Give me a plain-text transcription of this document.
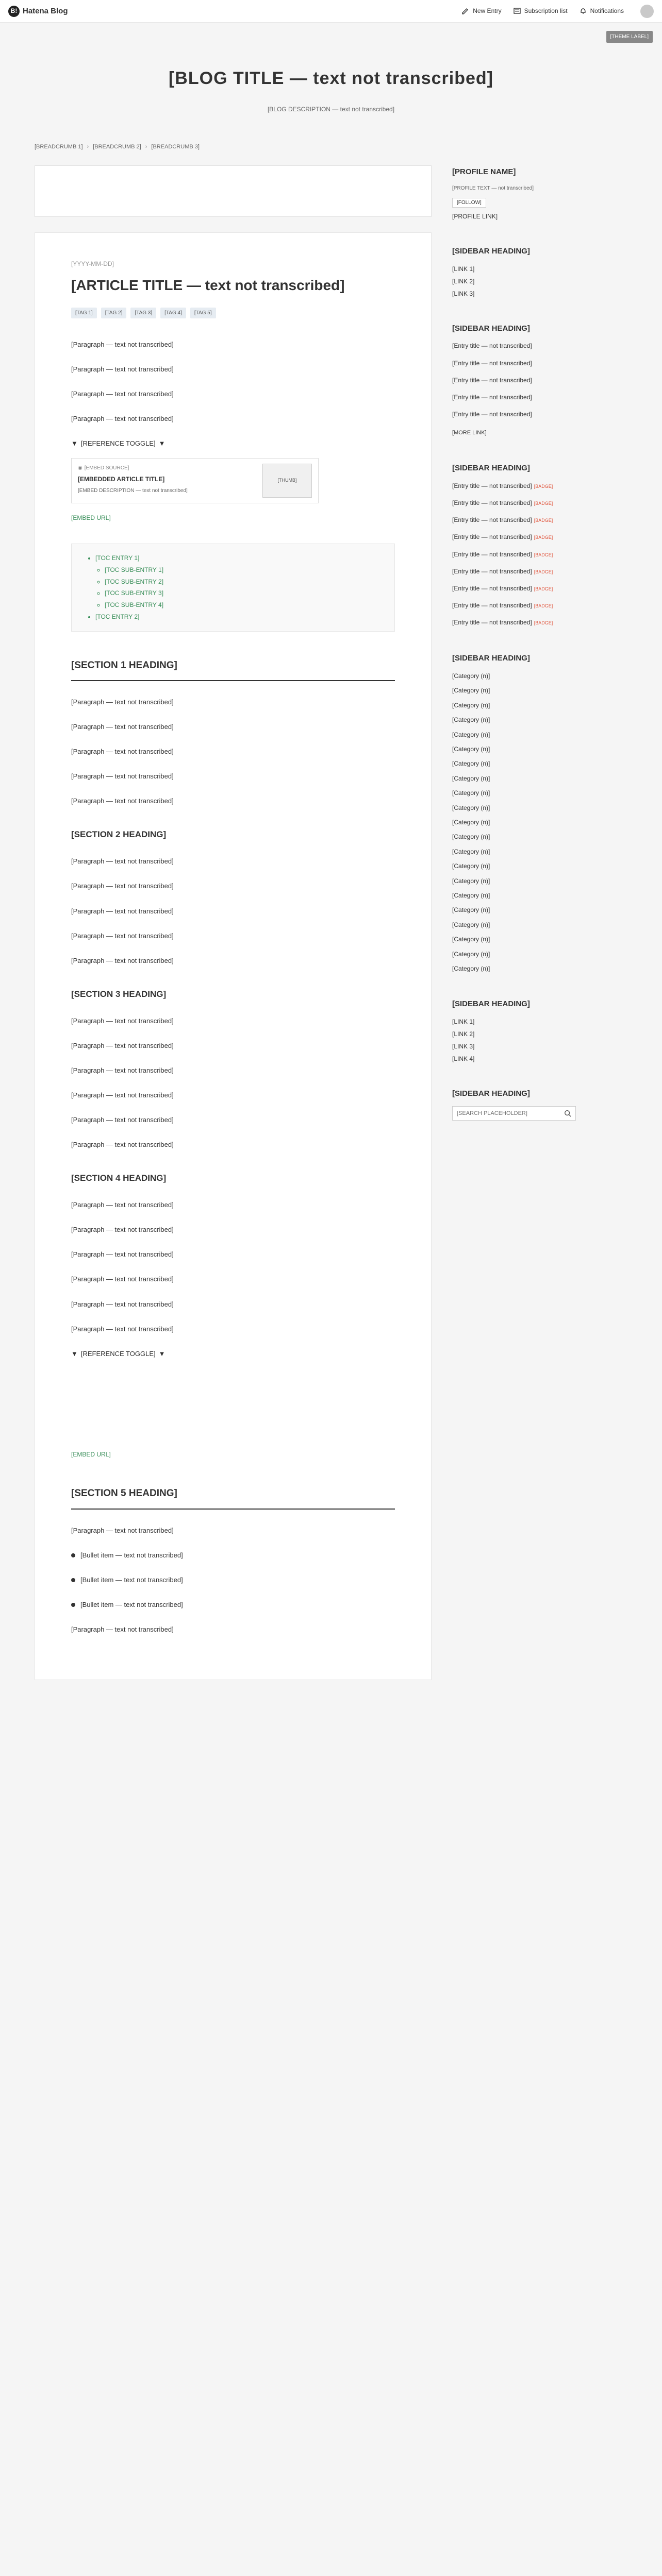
B! Hatena Blog	New Entry	Subscription list	Notifications
[THEME LABEL]
[BLOG TITLE — text not transcribed]

[BLOG DESCRIPTION — text not transcribed]

[BREADCRUMB 1] › [BREADCRUMB 2] › [BREADCRUMB 3]
[YYYY-MM-DD]
[ARTICLE TITLE — text not transcribed]
[TAG 1]	[TAG 2]	[TAG 3]	[TAG 4]	[TAG 5]

[Paragraph — text not transcribed]

[Paragraph — text not transcribed]

[Paragraph — text not transcribed]

[Paragraph — text not transcribed]

▼ [REFERENCE TOGGLE] ▼
◉ [EMBED SOURCE]
[EMBEDDED ARTICLE TITLE]
[EMBED DESCRIPTION — text not transcribed]
[THUMB]
[EMBED URL]
• [TOC ENTRY 1]
◦ [TOC SUB-ENTRY 1]
◦ [TOC SUB-ENTRY 2]
◦ [TOC SUB-ENTRY 3]
◦ [TOC SUB-ENTRY 4]
• [TOC ENTRY 2]
[SECTION 1 HEADING]

[Paragraph — text not transcribed]

[Paragraph — text not transcribed]

[Paragraph — text not transcribed]

[Paragraph — text not transcribed]

[Paragraph — text not transcribed]

[SECTION 2 HEADING]

[Paragraph — text not transcribed]

[Paragraph — text not transcribed]

[Paragraph — text not transcribed]

[Paragraph — text not transcribed]

[Paragraph — text not transcribed]

[SECTION 3 HEADING]

[Paragraph — text not transcribed]

[Paragraph — text not transcribed]

[Paragraph — text not transcribed]

[Paragraph — text not transcribed]

[Paragraph — text not transcribed]

[Paragraph — text not transcribed]

[SECTION 4 HEADING]

[Paragraph — text not transcribed]

[Paragraph — text not transcribed]

[Paragraph — text not transcribed]

[Paragraph — text not transcribed]

[Paragraph — text not transcribed]

[Paragraph — text not transcribed]

▼ [REFERENCE TOGGLE] ▼
[EMBED URL]
[SECTION 5 HEADING]

[Paragraph — text not transcribed]

[Bullet item — text not transcribed]
[Bullet item — text not transcribed]
[Bullet item — text not transcribed]

[Paragraph — text not transcribed]

[PROFILE NAME]
[PROFILE TEXT — not transcribed]
[FOLLOW]
[PROFILE LINK]
[SIDEBAR HEADING]
[LINK 1]
[LINK 2]
[LINK 3]
[SIDEBAR HEADING]
[Entry title — not transcribed]
[Entry title — not transcribed]
[Entry title — not transcribed]
[Entry title — not transcribed]
[Entry title — not transcribed]
[MORE LINK]
[SIDEBAR HEADING]
[Entry title — not transcribed] [BADGE]
[Entry title — not transcribed] [BADGE]
[Entry title — not transcribed] [BADGE]
[Entry title — not transcribed] [BADGE]
[Entry title — not transcribed] [BADGE]
[Entry title — not transcribed] [BADGE]
[Entry title — not transcribed] [BADGE]
[Entry title — not transcribed] [BADGE]
[Entry title — not transcribed] [BADGE]
[SIDEBAR HEADING]
[Category (n)]
[Category (n)]
[Category (n)]
[Category (n)]
[Category (n)]
[Category (n)]
[Category (n)]
[Category (n)]
[Category (n)]
[Category (n)]
[Category (n)]
[Category (n)]
[Category (n)]
[Category (n)]
[Category (n)]
[Category (n)]
[Category (n)]
[Category (n)]
[Category (n)]
[Category (n)]
[Category (n)]
[SIDEBAR HEADING]
[LINK 1]
[LINK 2]
[LINK 3]
[LINK 4]
[SIDEBAR HEADING]
[SEARCH PLACEHOLDER]
